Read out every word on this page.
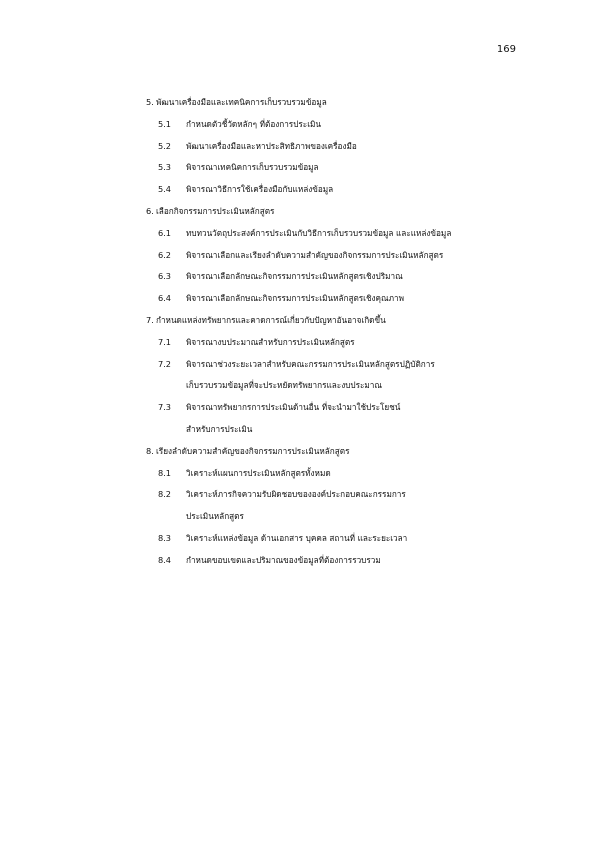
169
5. พัฒนาเครื่องมือและเทคนิคการเก็บรวบรวมข้อมูล
5.1 กำหนดตัวชี้วัดหลักๆ ที่ต้องการประเมิน
5.2 พัฒนาเครื่องมือและหาประสิทธิภาพของเครื่องมือ
5.3 พิจารณาเทคนิคการเก็บรวบรวมข้อมูล
5.4 พิจารณาวิธีการใช้เครื่องมือกับแหล่งข้อมูล
6. เลือกกิจกรรมการประเมินหลักสูตร
6.1 ทบทวนวัตถุประสงค์การประเมินกับวิธีการเก็บรวบรวมข้อมูล และแหล่งข้อมูล
6.2 พิจารณาเลือกและเรียงลำดับความสำคัญของกิจกรรมการประเมินหลักสูตร
6.3 พิจารณาเลือกลักษณะกิจกรรมการประเมินหลักสูตรเชิงปริมาณ
6.4 พิจารณาเลือกลักษณะกิจกรรมการประเมินหลักสูตรเชิงคุณภาพ
7. กำหนดแหล่งทรัพยากรและคาดการณ์เกี่ยวกับปัญหาอันอาจเกิดขึ้น
7.1 พิจารณางบประมาณสำหรับการประเมินหลักสูตร
7.2 พิจารณาช่วงระยะเวลาสำหรับคณะกรรมการประเมินหลักสูตรปฏิบัติการ
เก็บรวบรวมข้อมูลที่จะประหยัดทรัพยากรและงบประมาณ
7.3 พิจารณาทรัพยากรการประเมินด้านอื่น ที่จะนำมาใช้ประโยชน์
สำหรับการประเมิน
8. เรียงลำดับความสำคัญของกิจกรรมการประเมินหลักสูตร
8.1 วิเคราะห์แผนการประเมินหลักสูตรทั้งหมด
8.2 วิเคราะห์ภารกิจความรับผิดชอบขององค์ประกอบคณะกรรมการ
ประเมินหลักสูตร
8.3 วิเคราะห์แหล่งข้อมูล ด้านเอกสาร บุคคล สถานที่ และระยะเวลา
8.4 กำหนดขอบเขตและปริมาณของข้อมูลที่ต้องการรวบรวม
